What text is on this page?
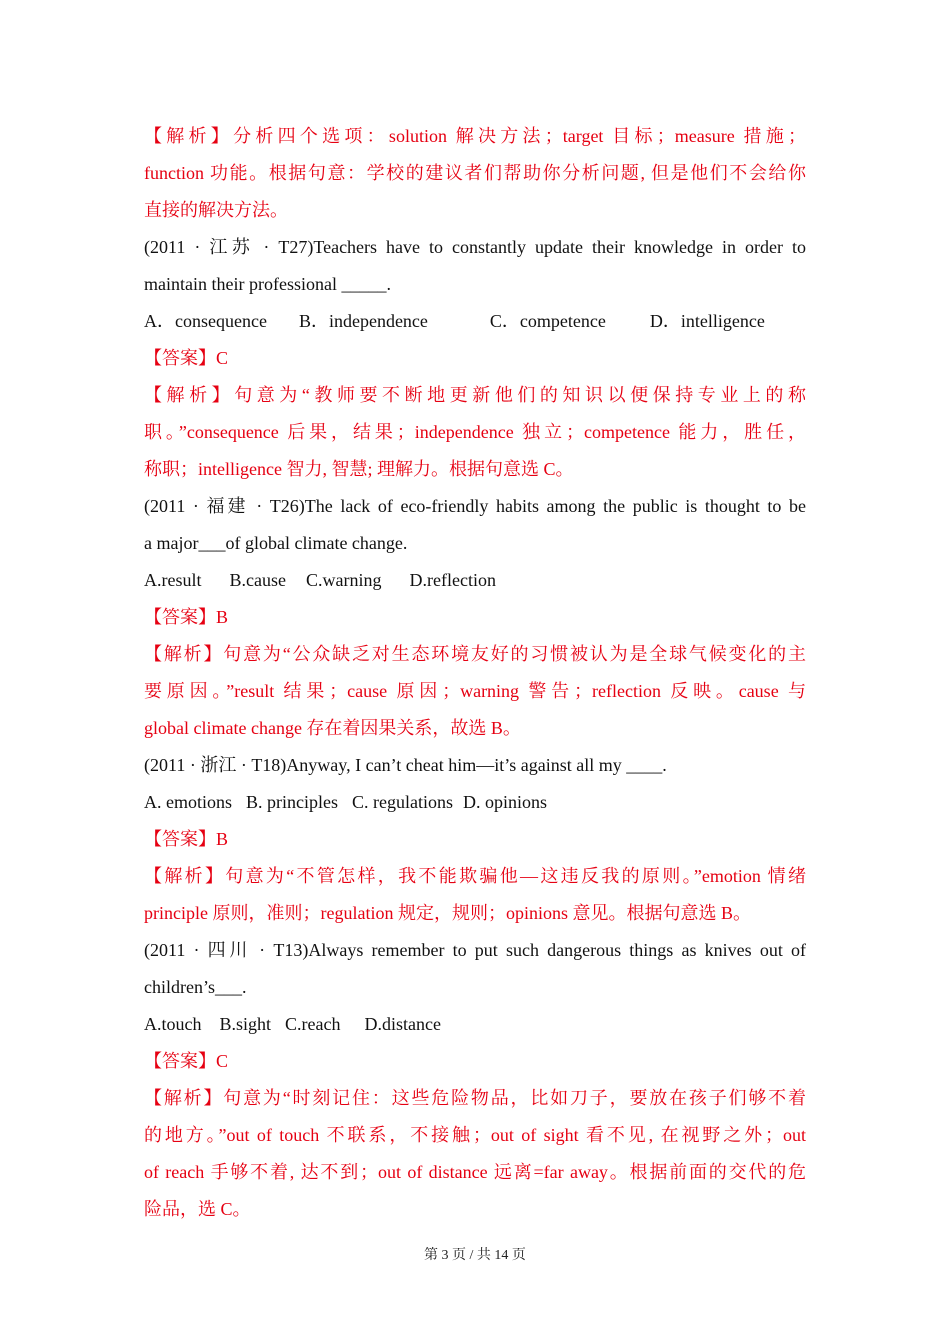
【解析】分析四个选项：solution 解决方法；target 目标；measure 措施；
function 功能。根据句意：学校的建议者们帮助你分析问题, 但是他们不会给你
直接的解决方法。
(2011 · 江苏 · T27)Teachers have to constantly update their knowledge in order to
maintain their professional _____.
A．consequence B．independence	C．competence D．intelligence
【答案】C
【解析】句意为“教师要不断地更新他们的知识以便保持专业上的称
职。”consequence 后果，结果；independence 独立；competence 能力，胜任，
称职；intelligence 智力, 智慧; 理解力。根据句意选 C。
(2011 · 福建 · T26)The lack of eco-friendly habits among the public is thought to be
a major___of global climate change.
A.result B.cause C.warning D.reflection
【答案】B
【解析】句意为“公众缺乏对生态环境友好的习惯被认为是全球气候变化的主
要原因。”result 结果；cause 原因；warning 警告；reflection 反映。cause 与
global climate change 存在着因果关系，故选 B。
(2011 · 浙江 · T18)Anyway, I can’t cheat him—it’s against all my ____.
A. emotions B. principles C. regulations D. opinions
【答案】B
【解析】句意为“不管怎样，我不能欺骗他—这违反我的原则。”emotion 情绪
principle 原则，准则；regulation 规定，规则；opinions 意见。根据句意选 B。
(2011 · 四川 · T13)Always remember to put such dangerous things as knives out of
children’s___.
A.touch B.sight C.reach D.distance
【答案】C
【解析】句意为“时刻记住：这些危险物品，比如刀子，要放在孩子们够不着
的地方。”out of touch 不联系，不接触；out of sight 看不见, 在视野之外；out
of reach 手够不着, 达不到；out of distance 远离=far away。根据前面的交代的危
险品，选 C。
第 3 页 / 共 14 页
